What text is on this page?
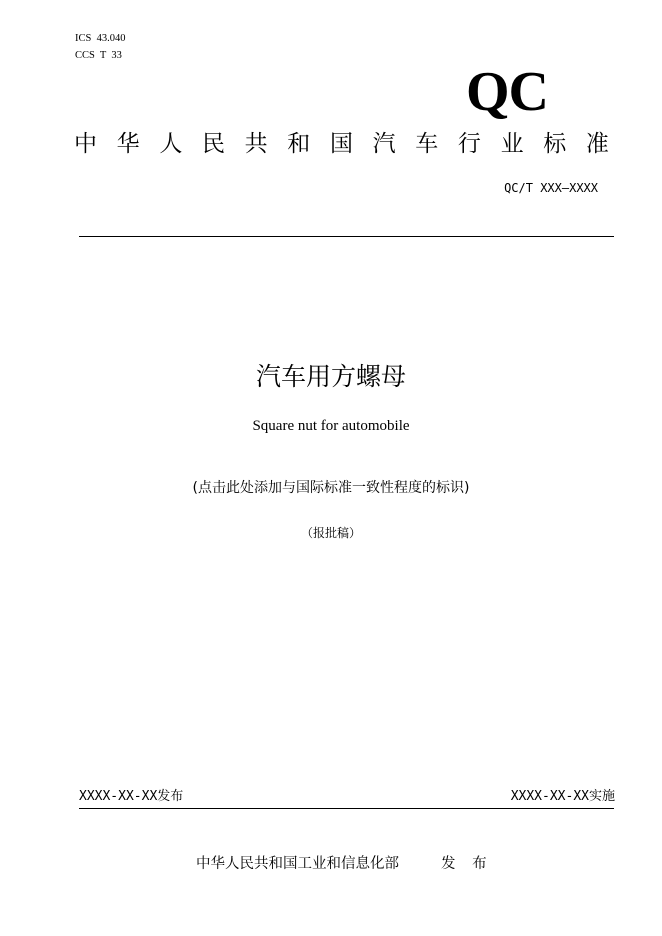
ICS  43.040
CCS  T  33
QC
中 华 人 民 共 和 国 汽 车 行 业 标 准
QC/T XXX—XXXX
汽车用方螺母
Square nut for automobile
(点击此处添加与国际标准一致性程度的标识)
（报批稿）
XXXX-XX-XX发布	XXXX-XX-XX实施
中华人民共和国工业和信息化部	发 布
